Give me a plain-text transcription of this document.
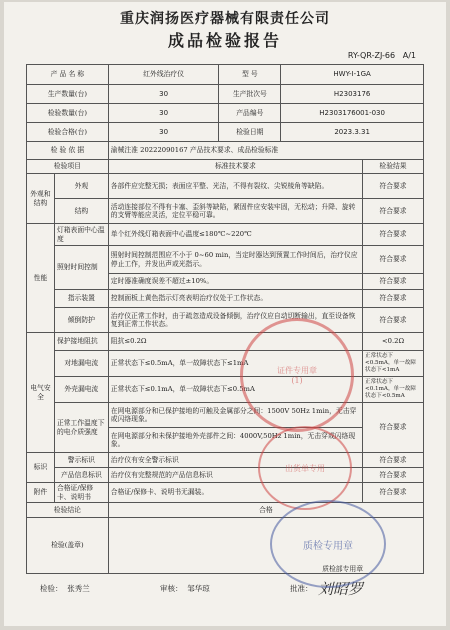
重庆润扬医疗器械有限责任公司
成品检验报告
RY-QR-ZJ-66 A/1
产 品 名 称		红外线治疗仪	型 号	HWY-I-1GA	
生产数量(台)		30	生产批次号	H2303176	
检验数量(台)		30	产品编号	H2303176001-030	
检验合格(台)		30	检验日期	2023.3.31	
检 验 依 据		渝械注准 20222090167 产品技术要求、成品检验标准			
检验项目		标准技术要求			检验结果
外观和结构	外观	各部件应完整无损；表面应平整、光洁，不得有裂纹、尖锐棱角等缺陷。			符合要求
	结构	活动连接部位不得有卡塞、歪斜等缺陷，紧固件应安装牢固，无松动；升降、旋转的支臂等能应灵活，定位平稳可靠。			符合要求
性能	灯箱表面中心温度	单个红外线灯箱表面中心温度≤180℃~220℃			符合要求
	照射时间控制	照射时间控制范围应不小于 0~60 min，当定时器达到预置工作时间后，治疗仪应停止工作，并发出声或光指示。			符合要求
		定时器准确度误差不超过±10%。			符合要求
	指示装置	控制面板上黄色指示灯亮表明治疗仪处于工作状态。			符合要求
	倾倒防护	治疗仪正常工作时，由于疏忽造成设备倾倒，治疗仪应自动切断输出，直至设备恢复到正常工作状态。			符合要求
电气安全	保护接地阻抗	阻抗≤0.2Ω			<0.2Ω
	对地漏电流	正常状态下≤0.5mA，单一故障状态下≤1mA			正常状态下<0.5mA，单一故障状态下<1mA
	外壳漏电流	正常状态下≤0.1mA，单一故障状态下≤0.5mA			正常状态下<0.1mA，单一故障状态下<0.5mA
	正常工作温度下的电介质强度	在网电源部分和已保护接地的可触及金属部分之间：1500V 50Hz 1min，无击穿或闪络现象。			符合要求
		在网电源部分和未保护接地外壳部件之间：4000V,50Hz 1min，无击穿或闪络现象。			
标识	警示标识	治疗仪有安全警示标识			符合要求
	产品信息标识	治疗仪有完整规范的产品信息标识			符合要求
附件	合格证/保修卡、说明书	合格证/保修卡、说明书无漏装。			符合要求
检验结论		合格			
检验(盖章)		质检部专用章			
检验： 张秀兰	审核： 邹华琼	批准： 刘昭罗
证件专用章
(1)
出货单专用
质检专用章
